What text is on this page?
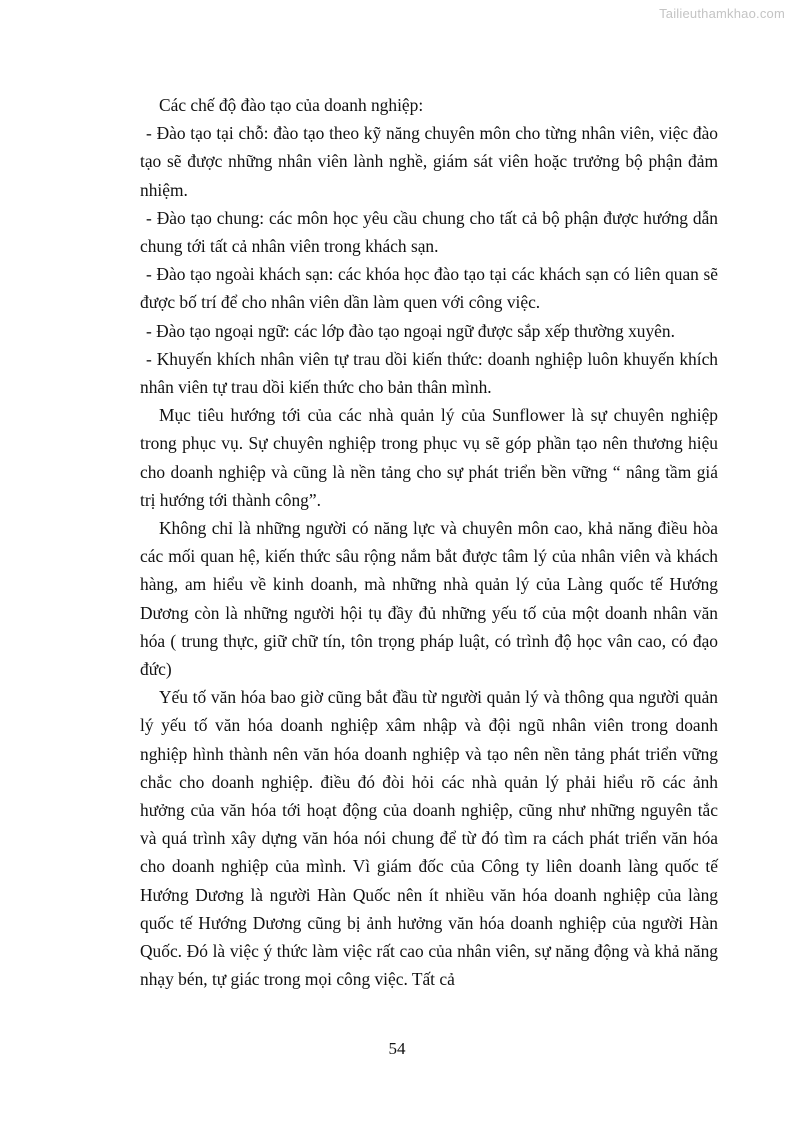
Tailieuthamkhao.com

Các chế độ đào tạo của doanh nghiệp:

- Đào tạo tại chỗ: đào tạo theo kỹ năng chuyên môn cho từng nhân viên, việc đào tạo sẽ được những nhân viên lành nghề, giám sát viên hoặc trưởng bộ phận đảm nhiệm.

- Đào tạo chung: các môn học yêu cầu chung cho tất cả bộ phận được hướng dẫn chung tới tất cả nhân viên trong khách sạn.

- Đào tạo ngoài khách sạn: các khóa học đào tạo tại các khách sạn có liên quan sẽ được bố trí để cho nhân viên dần làm quen với công việc.

- Đào tạo ngoại ngữ: các lớp đào tạo ngoại ngữ được sắp xếp thường xuyên.

- Khuyến khích nhân viên tự trau dồi kiến thức: doanh nghiệp luôn khuyến khích nhân viên tự trau dồi kiến thức cho bản thân mình.

Mục tiêu hướng tới của các nhà quản lý của Sunflower là sự chuyên nghiệp trong phục vụ. Sự chuyên nghiệp trong phục vụ sẽ góp phần tạo nên thương hiệu cho doanh nghiệp và cũng là nền tảng cho sự phát triển bền vững “ nâng tầm giá trị hướng tới thành công”.

Không chỉ là những người có năng lực và chuyên môn cao, khả năng điều hòa các mối quan hệ, kiến thức sâu rộng nắm bắt được tâm lý của nhân viên và khách hàng, am hiểu về kinh doanh, mà những nhà quản lý của Làng quốc tế Hướng Dương còn là những người hội tụ đầy đủ những yếu tố của một doanh nhân văn hóa ( trung thực, giữ chữ tín, tôn trọng pháp luật, có trình độ học vân cao, có đạo đức)

Yếu tố văn hóa bao giờ cũng bắt đầu từ người quản lý và thông qua người quản lý yếu tố văn hóa doanh nghiệp xâm nhập và đội ngũ nhân viên trong doanh nghiệp hình thành nên văn hóa doanh nghiệp và tạo nên nền tảng phát triển vững chắc cho doanh nghiệp. điều đó đòi hỏi các nhà quản lý phải hiểu rõ các ảnh hưởng của văn hóa tới hoạt động của doanh nghiệp, cũng như những nguyên tắc và quá trình xây dựng văn hóa nói chung để từ đó tìm ra cách phát triển văn hóa cho doanh nghiệp của mình. Vì giám đốc của Công ty liên doanh làng quốc tế Hướng Dương là người Hàn Quốc nên ít nhiều văn hóa doanh nghiệp của làng quốc tế Hướng Dương cũng bị ảnh hưởng văn hóa doanh nghiệp của người Hàn Quốc. Đó là việc ý thức làm việc rất cao của nhân viên, sự năng động và khả năng nhạy bén, tự giác trong mọi công việc. Tất cả

54
